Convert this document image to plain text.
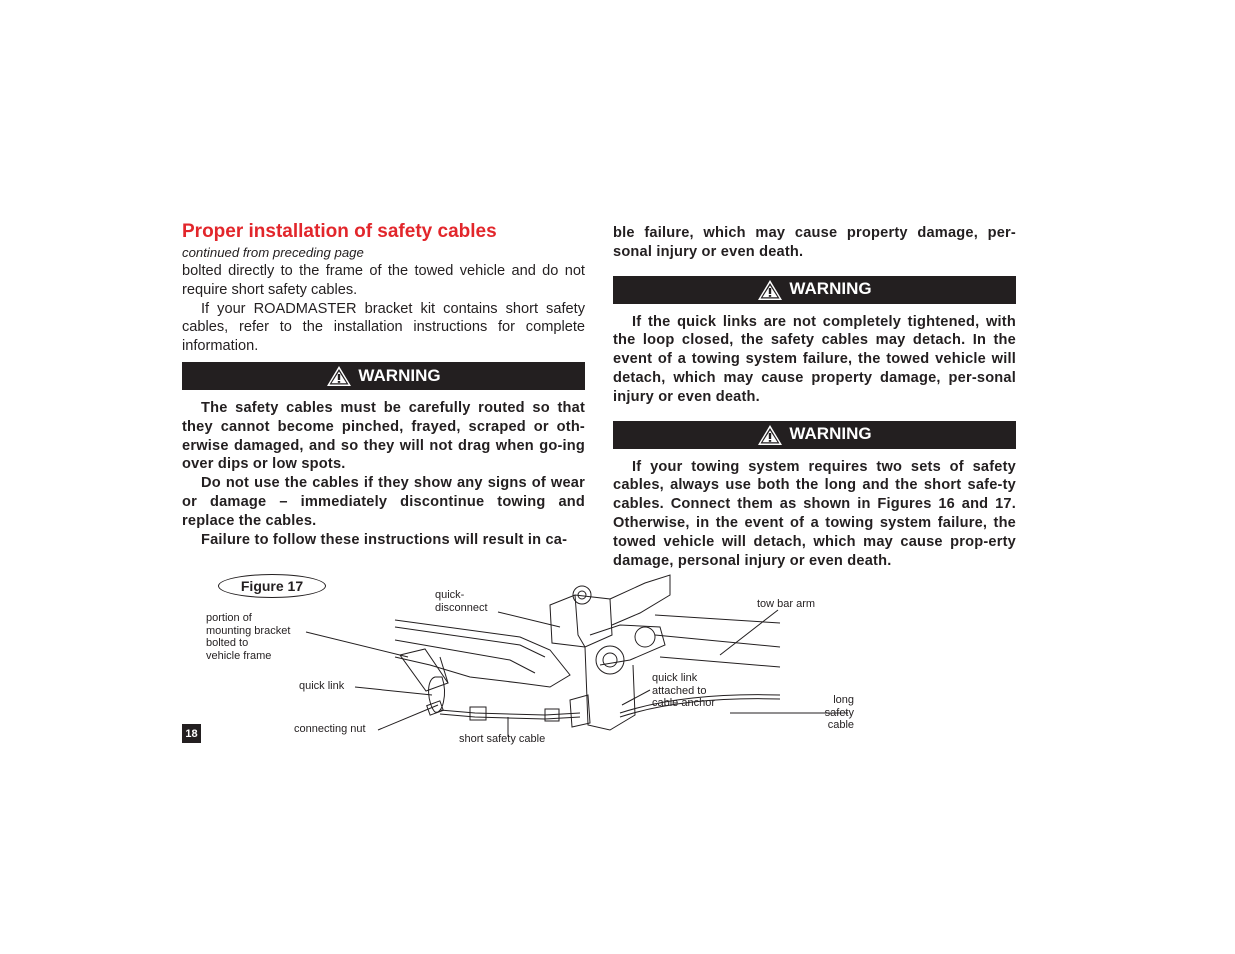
Proper installation of safety cables
continued from preceding page

bolted directly to the frame of the towed vehicle and do not require short safety cables.

If your ROADMASTER bracket kit contains short safety cables, refer to the installation instructions for complete information.

WARNING

The safety cables must be carefully routed so that they cannot become pinched, frayed, scraped or oth-erwise damaged, and so they will not drag when go-ing over dips or low spots.

Do not use the cables if they show any signs of wear or damage – immediately discontinue towing and replace the cables.

Failure to follow these instructions will result in ca-

ble failure, which may cause property damage, per-sonal injury or even death.

WARNING

If the quick links are not completely tightened, with the loop closed, the safety cables may detach. In the event of a towing system failure, the towed vehicle will detach, which may cause property damage, per-sonal injury or even death.

WARNING

If your towing system requires two sets of safety cables, always use both the long and the short safe-ty cables. Connect them as shown in Figures 16 and 17. Otherwise, in the event of a towing system failure, the towed vehicle will detach, which may cause prop-erty damage, personal injury or even death.

Figure 17
portion of
mounting bracket
bolted to
vehicle frame
quick link
connecting nut
quick-
disconnect
short safety cable
quick link
attached to
cable anchor
tow bar arm
long
safety
cable
18
